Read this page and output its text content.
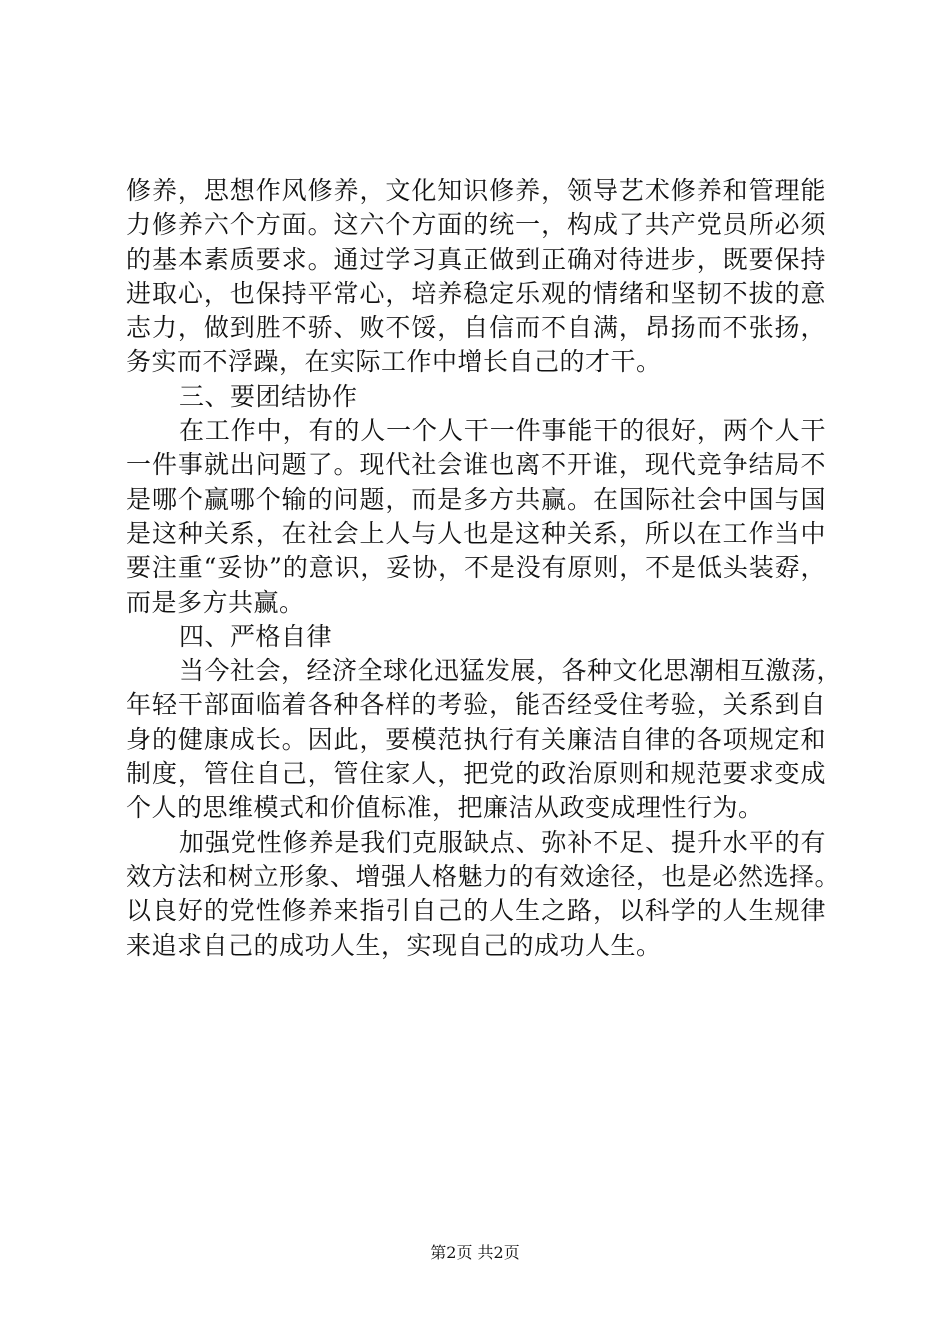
修养，思想作风修养，文化知识修养，领导艺术修养和管理能
力修养六个方面。这六个方面的统一，构成了共产党员所必须
的基本素质要求。通过学习真正做到正确对待进步，既要保持
进取心，也保持平常心，培养稳定乐观的情绪和坚韧不拔的意
志力，做到胜不骄、败不馁，自信而不自满，昂扬而不张扬，
务实而不浮躁，在实际工作中增长自己的才干。
三、要团结协作
在工作中，有的人一个人干一件事能干的很好，两个人干
一件事就出问题了。现代社会谁也离不开谁，现代竞争结局不
是哪个赢哪个输的问题，而是多方共赢。在国际社会中国与国
是这种关系，在社会上人与人也是这种关系，所以在工作当中
要注重“妥协”的意识，妥协，不是没有原则，不是低头装孬，
而是多方共赢。
四、严格自律
当今社会，经济全球化迅猛发展，各种文化思潮相互激荡，
年轻干部面临着各种各样的考验，能否经受住考验，关系到自
身的健康成长。因此，要模范执行有关廉洁自律的各项规定和
制度，管住自己，管住家人，把党的政治原则和规范要求变成
个人的思维模式和价值标准，把廉洁从政变成理性行为。
加强党性修养是我们克服缺点、弥补不足、提升水平的有
效方法和树立形象、增强人格魅力的有效途径，也是必然选择。
以良好的党性修养来指引自己的人生之路，以科学的人生规律
来追求自己的成功人生，实现自己的成功人生。
第2页 共2页
